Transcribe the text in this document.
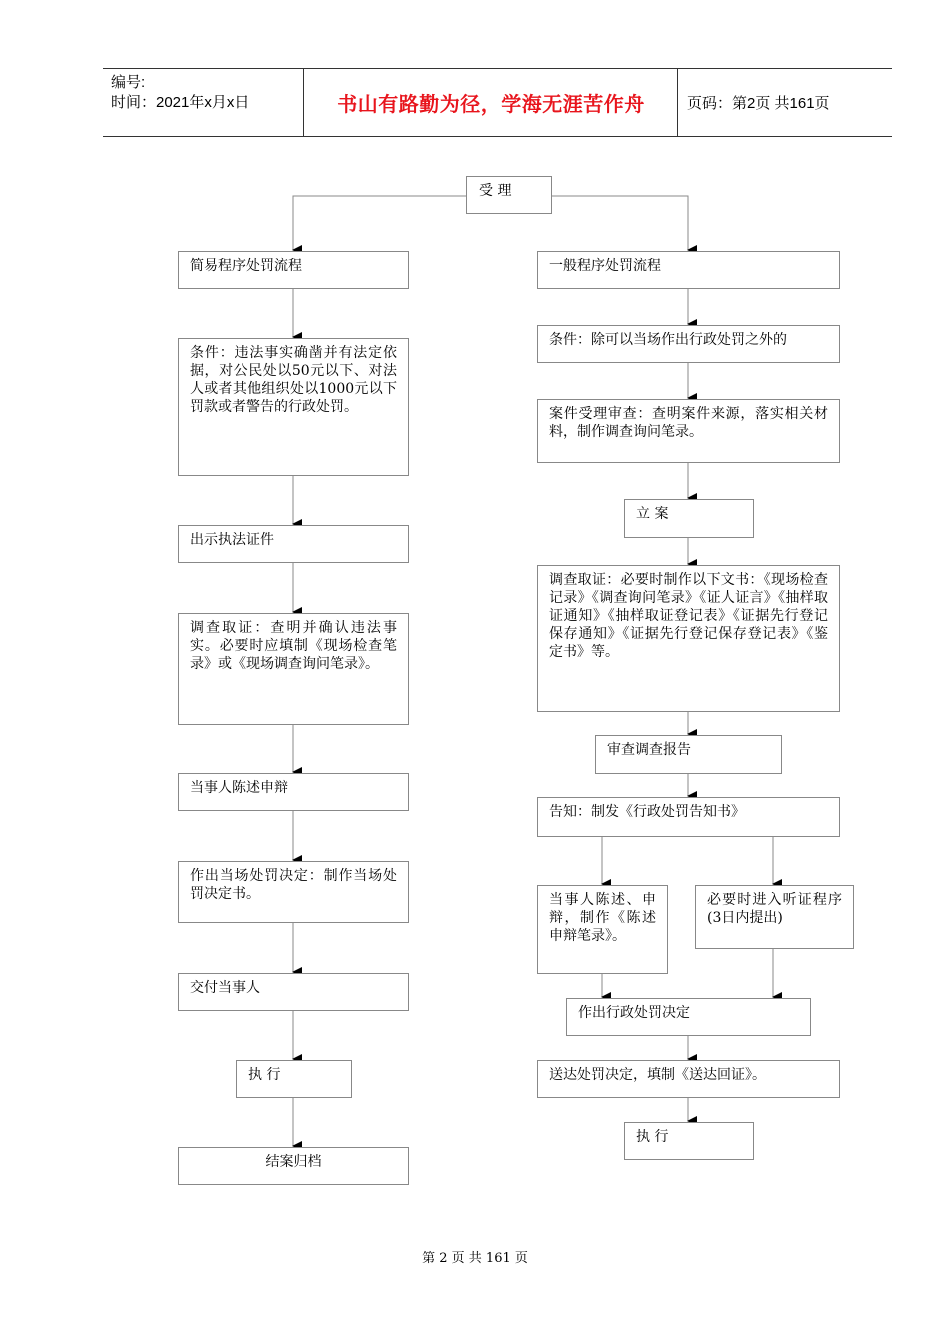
编号:
时间：2021年x月x日	书山有路勤为径，学海无涯苦作舟	页码：第2页 共161页
受 理
简易程序处罚流程
条件：违法事实确凿并有法定依据，对公民处以50元以下、对法人或者其他组织处以1000元以下罚款或者警告的行政处罚。
出示执法证件
调查取证：查明并确认违法事实。必要时应填制《现场检查笔录》或《现场调查询问笔录》。
当事人陈述申辩
作出当场处罚决定：制作当场处罚决定书。
交付当事人
执 行
结案归档
一般程序处罚流程
条件：除可以当场作出行政处罚之外的
案件受理审查：查明案件来源，落实相关材料，制作调查询问笔录。
立 案
调查取证：必要时制作以下文书：《现场检查记录》《调查询问笔录》《证人证言》《抽样取证通知》《抽样取证登记表》《证据先行登记保存通知》《证据先行登记保存登记表》《鉴定书》等。
审查调查报告
告知：制发《行政处罚告知书》
当事人陈述、申辩，制作《陈述申辩笔录》。
必要时进入听证程序(3日内提出)
作出行政处罚决定
送达处罚决定，填制《送达回证》。
执 行
第 2 页 共 161 页
